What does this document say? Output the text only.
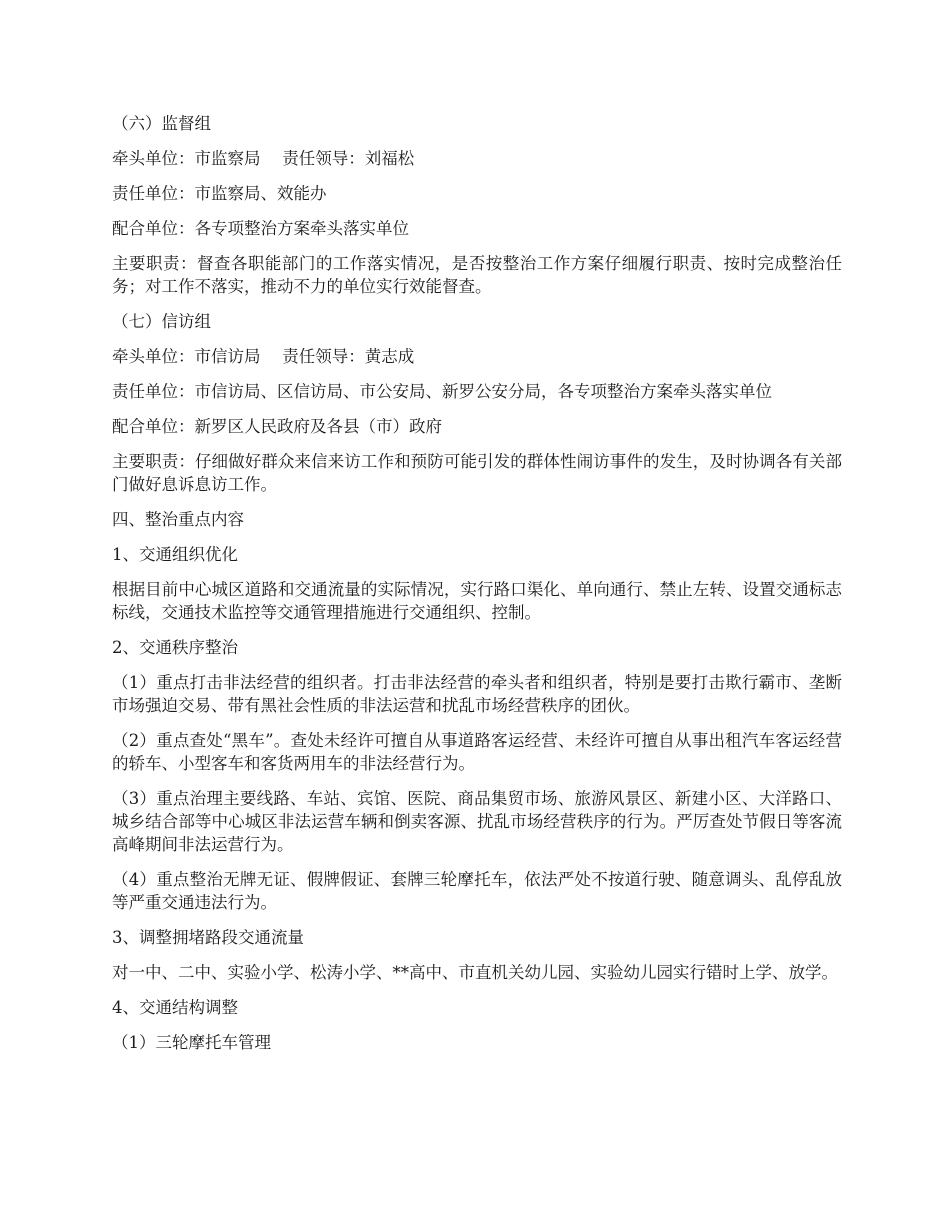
（六）监督组

牵头单位：市监察局　 责任领导：刘福松

责任单位：市监察局、效能办

配合单位：各专项整治方案牵头落实单位

主要职责：督查各职能部门的工作落实情况，是否按整治工作方案仔细履行职责、按时完成整治任务；对工作不落实，推动不力的单位实行效能督查。

（七）信访组

牵头单位：市信访局　 责任领导：黄志成

责任单位：市信访局、区信访局、市公安局、新罗公安分局，各专项整治方案牵头落实单位

配合单位：新罗区人民政府及各县（市）政府

主要职责：仔细做好群众来信来访工作和预防可能引发的群体性闹访事件的发生，及时协调各有关部门做好息诉息访工作。

四、整治重点内容

1、交通组织优化

根据目前中心城区道路和交通流量的实际情况，实行路口渠化、单向通行、禁止左转、设置交通标志标线，交通技术监控等交通管理措施进行交通组织、控制。

2、交通秩序整治

（1）重点打击非法经营的组织者。打击非法经营的牵头者和组织者，特别是要打击欺行霸市、垄断市场强迫交易、带有黑社会性质的非法运营和扰乱市场经营秩序的团伙。

（2）重点查处“黑车”。查处未经许可擅自从事道路客运经营、未经许可擅自从事出租汽车客运经营的轿车、小型客车和客货两用车的非法经营行为。

（3）重点治理主要线路、车站、宾馆、医院、商品集贸市场、旅游风景区、新建小区、大洋路口、城乡结合部等中心城区非法运营车辆和倒卖客源、扰乱市场经营秩序的行为。严厉查处节假日等客流高峰期间非法运营行为。

（4）重点整治无牌无证、假牌假证、套牌三轮摩托车，依法严处不按道行驶、随意调头、乱停乱放等严重交通违法行为。

3、调整拥堵路段交通流量

对一中、二中、实验小学、松涛小学、**高中、市直机关幼儿园、实验幼儿园实行错时上学、放学。

4、交通结构调整

（1）三轮摩托车管理
